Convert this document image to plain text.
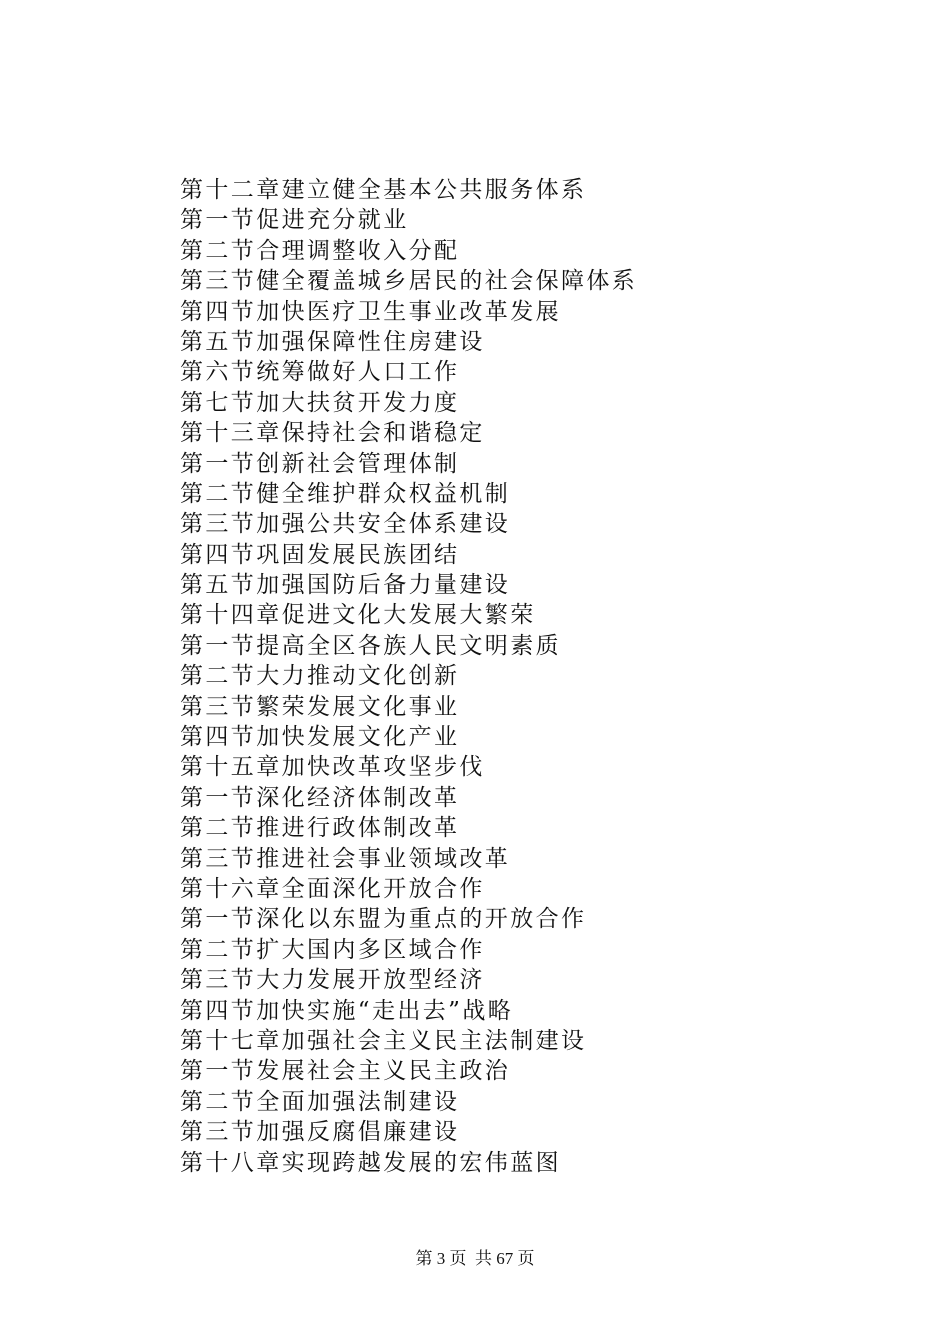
第十二章建立健全基本公共服务体系
第一节促进充分就业
第二节合理调整收入分配
第三节健全覆盖城乡居民的社会保障体系
第四节加快医疗卫生事业改革发展
第五节加强保障性住房建设
第六节统筹做好人口工作
第七节加大扶贫开发力度
第十三章保持社会和谐稳定
第一节创新社会管理体制
第二节健全维护群众权益机制
第三节加强公共安全体系建设
第四节巩固发展民族团结
第五节加强国防后备力量建设
第十四章促进文化大发展大繁荣
第一节提高全区各族人民文明素质
第二节大力推动文化创新
第三节繁荣发展文化事业
第四节加快发展文化产业
第十五章加快改革攻坚步伐
第一节深化经济体制改革
第二节推进行政体制改革
第三节推进社会事业领域改革
第十六章全面深化开放合作
第一节深化以东盟为重点的开放合作
第二节扩大国内多区域合作
第三节大力发展开放型经济
第四节加快实施“走出去”战略
第十七章加强社会主义民主法制建设
第一节发展社会主义民主政治
第二节全面加强法制建设
第三节加强反腐倡廉建设
第十八章实现跨越发展的宏伟蓝图
第 3 页  共 67 页
